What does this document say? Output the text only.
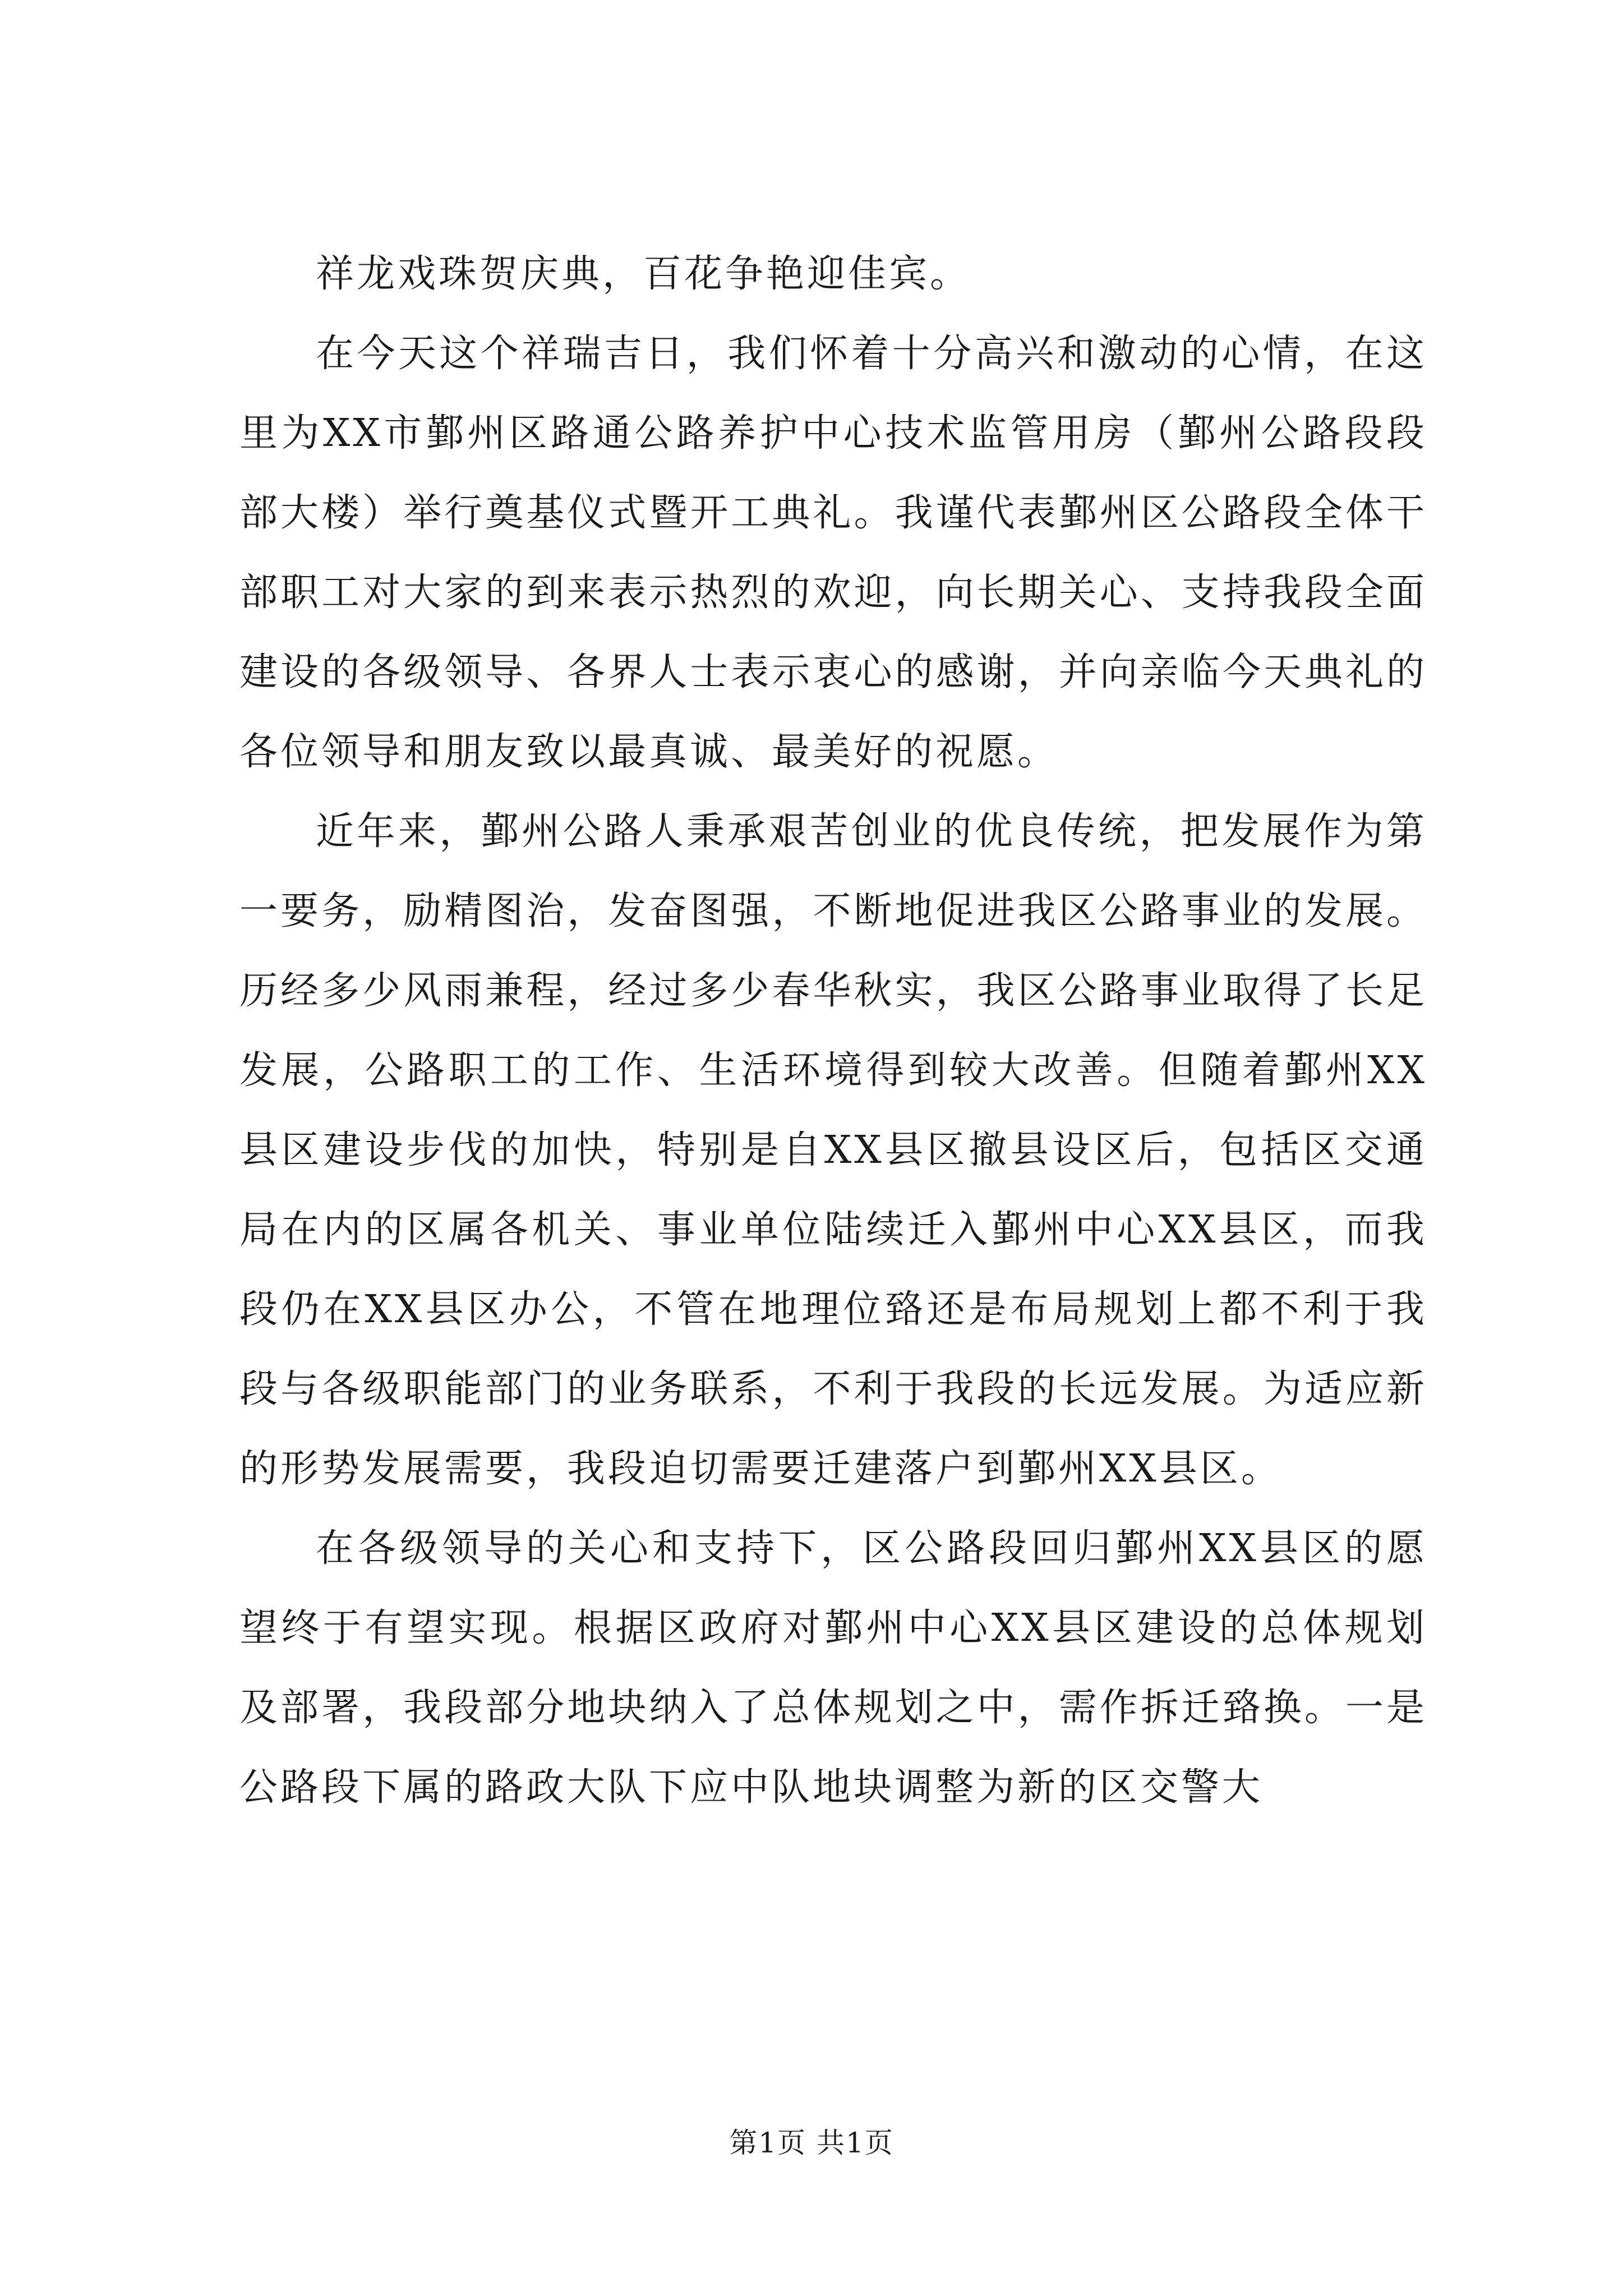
祥龙戏珠贺庆典，百花争艳迎佳宾。

在今天这个祥瑞吉日，我们怀着十分高兴和激动的心情，在这里为XX市鄞州区路通公路养护中心技术监管用房（鄞州公路段段部大楼）举行奠基仪式暨开工典礼。我谨代表鄞州区公路段全体干部职工对大家的到来表示热烈的欢迎，向长期关心、支持我段全面建设的各级领导、各界人士表示衷心的感谢，并向亲临今天典礼的各位领导和朋友致以最真诚、最美好的祝愿。

近年来，鄞州公路人秉承艰苦创业的优良传统，把发展作为第一要务，励精图治，发奋图强，不断地促进我区公路事业的发展。历经多少风雨兼程，经过多少春华秋实，我区公路事业取得了长足发展，公路职工的工作、生活环境得到较大改善。但随着鄞州XX县区建设步伐的加快，特别是自XX县区撤县设区后，包括区交通局在内的区属各机关、事业单位陆续迁入鄞州中心XX县区，而我段仍在XX县区办公，不管在地理位臵还是布局规划上都不利于我段与各级职能部门的业务联系，不利于我段的长远发展。为适应新的形势发展需要，我段迫切需要迁建落户到鄞州XX县区。

在各级领导的关心和支持下，区公路段回归鄞州XX县区的愿望终于有望实现。根据区政府对鄞州中心XX县区建设的总体规划及部署，我段部分地块纳入了总体规划之中，需作拆迁臵换。一是公路段下属的路政大队下应中队地块调整为新的区交警大

第1页 共1页
